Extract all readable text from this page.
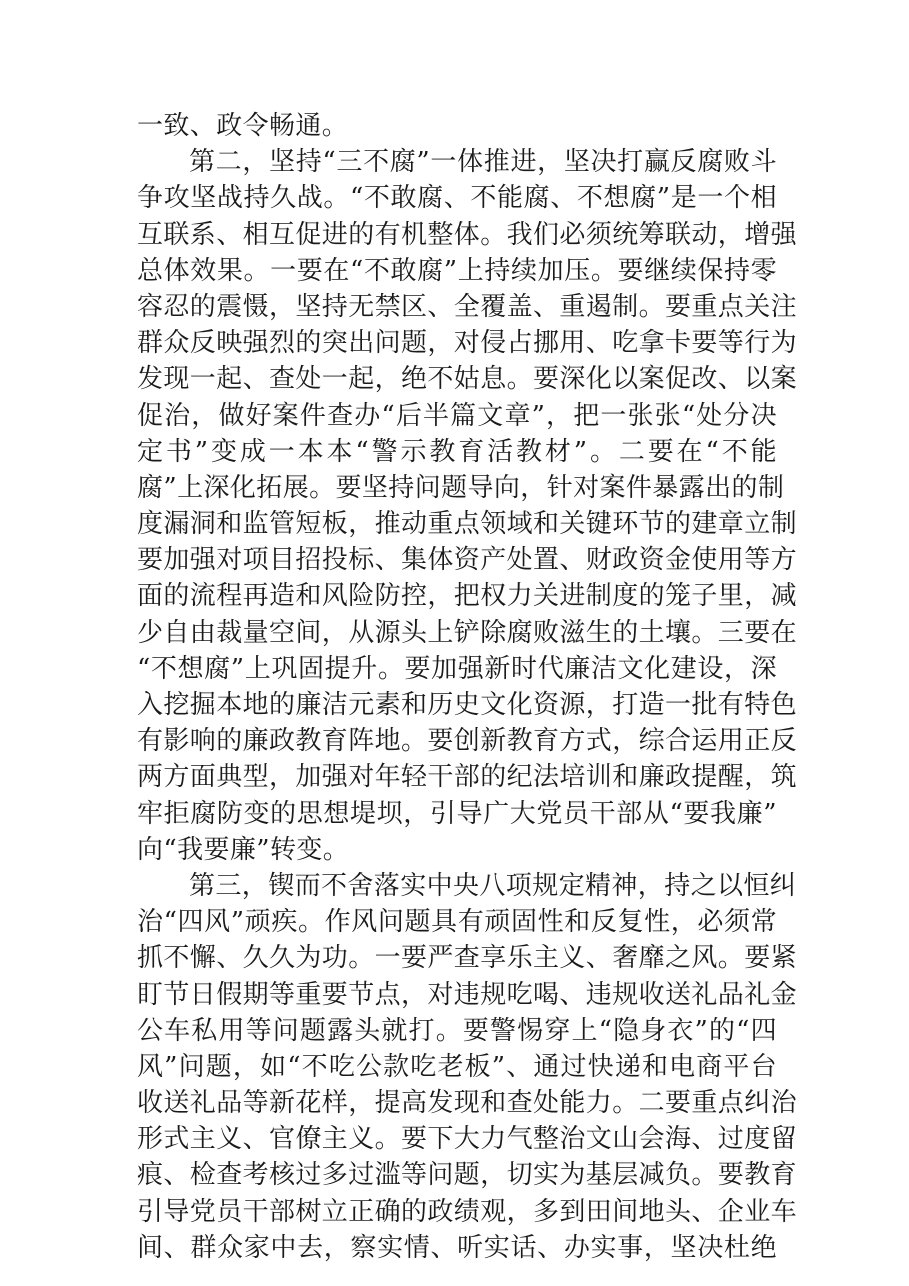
一致、政令畅通。
第二，坚持“三不腐”一体推进，坚决打赢反腐败斗
争攻坚战持久战。“不敢腐、不能腐、不想腐”是一个相
互联系、相互促进的有机整体。我们必须统筹联动，增强
总体效果。一要在“不敢腐”上持续加压。要继续保持零
容忍的震慑，坚持无禁区、全覆盖、重遏制。要重点关注
群众反映强烈的突出问题，对侵占挪用、吃拿卡要等行为
发现一起、查处一起，绝不姑息。要深化以案促改、以案
促治，做好案件查办“后半篇文章”，把一张张“处分决
定书”变成一本本“警示教育活教材”。二要在“不能
腐”上深化拓展。要坚持问题导向，针对案件暴露出的制
度漏洞和监管短板，推动重点领域和关键环节的建章立制
要加强对项目招投标、集体资产处置、财政资金使用等方
面的流程再造和风险防控，把权力关进制度的笼子里，减
少自由裁量空间，从源头上铲除腐败滋生的土壤。三要在
“不想腐”上巩固提升。要加强新时代廉洁文化建设，深
入挖掘本地的廉洁元素和历史文化资源，打造一批有特色
有影响的廉政教育阵地。要创新教育方式，综合运用正反
两方面典型，加强对年轻干部的纪法培训和廉政提醒，筑
牢拒腐防变的思想堤坝，引导广大党员干部从“要我廉”
向“我要廉”转变。
第三，锲而不舍落实中央八项规定精神，持之以恒纠
治“四风”顽疾。作风问题具有顽固性和反复性，必须常
抓不懈、久久为功。一要严查享乐主义、奢靡之风。要紧
盯节日假期等重要节点，对违规吃喝、违规收送礼品礼金
公车私用等问题露头就打。要警惕穿上“隐身衣”的“四
风”问题，如“不吃公款吃老板”、通过快递和电商平台
收送礼品等新花样，提高发现和查处能力。二要重点纠治
形式主义、官僚主义。要下大力气整治文山会海、过度留
痕、检查考核过多过滥等问题，切实为基层减负。要教育
引导党员干部树立正确的政绩观，多到田间地头、企业车
间、群众家中去，察实情、听实话、办实事，坚决杜绝
